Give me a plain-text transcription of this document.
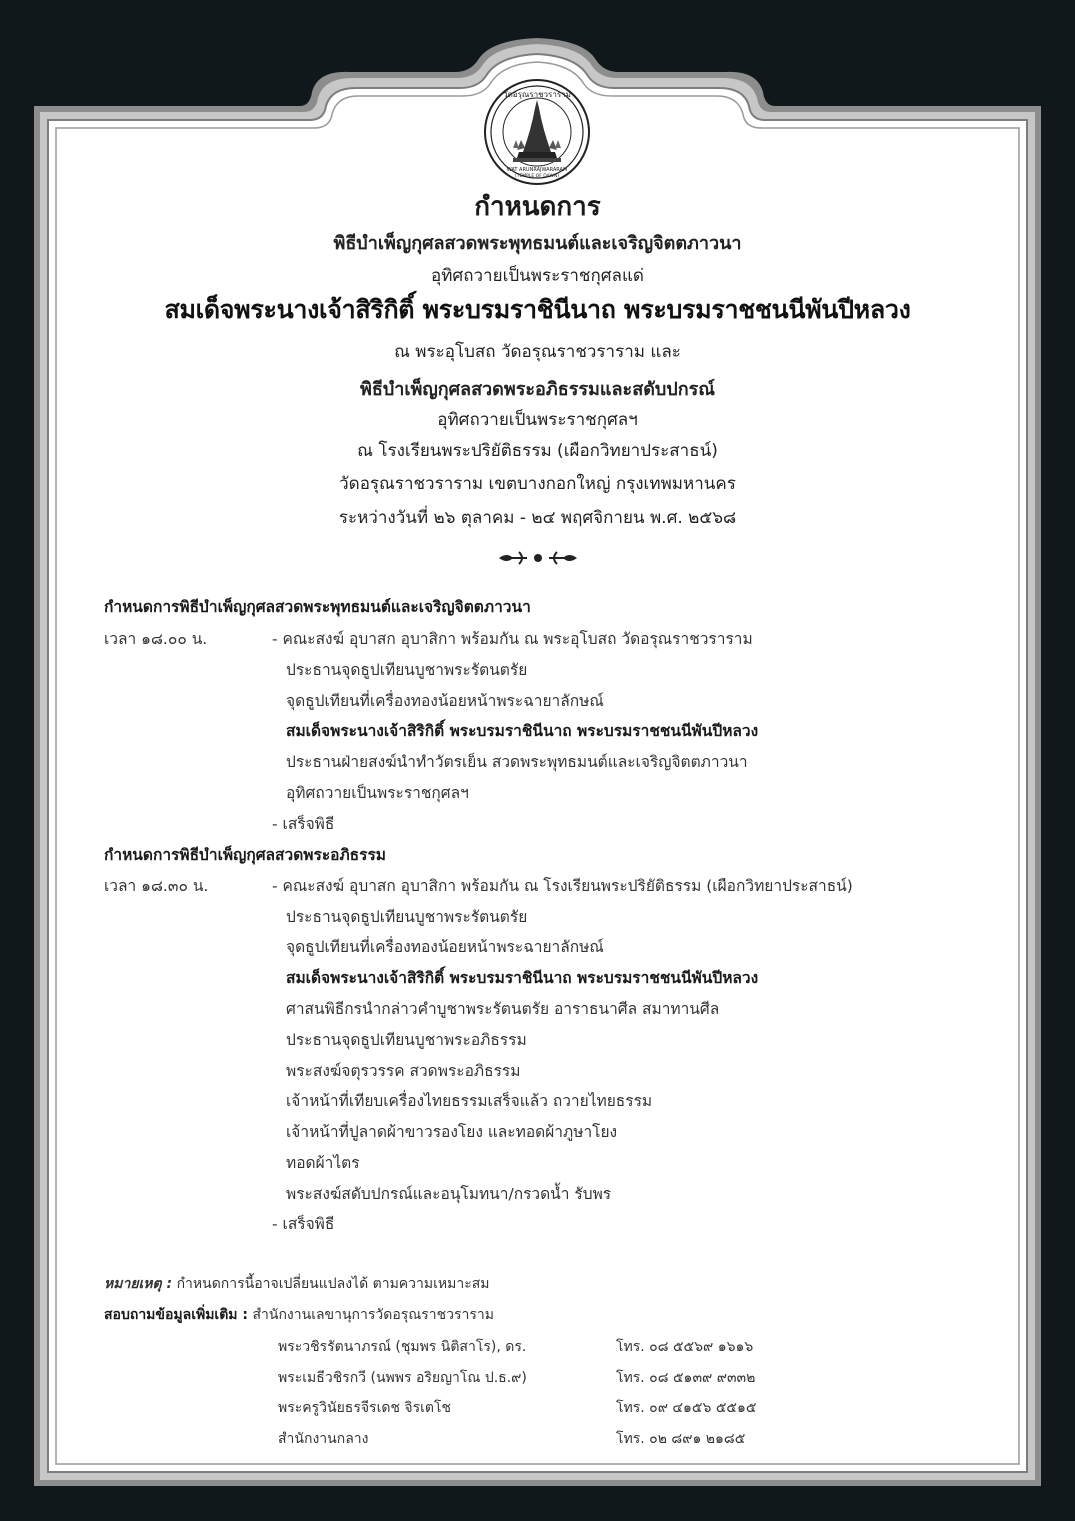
วัดอรุณราชวราราม
WAT ARUNRAJWARARAM
(TEMPLE OF DAWN)
กำหนดการ
พิธีบำเพ็ญกุศลสวดพระพุทธมนต์และเจริญจิตตภาวนา
อุทิศถวายเป็นพระราชกุศลแด่
สมเด็จพระนางเจ้าสิริกิติ์ พระบรมราชินีนาถ พระบรมราชชนนีพันปีหลวง
ณ พระอุโบสถ วัดอรุณราชวราราม และ
พิธีบำเพ็ญกุศลสวดพระอภิธรรมและสดับปกรณ์
อุทิศถวายเป็นพระราชกุศลฯ
ณ โรงเรียนพระปริยัติธรรม (เผือกวิทยาประสาธน์)
วัดอรุณราชวราราม เขตบางกอกใหญ่ กรุงเทพมหานคร
ระหว่างวันที่ ๒๖ ตุลาคม - ๒๔ พฤศจิกายน พ.ศ. ๒๕๖๘
กำหนดการพิธีบำเพ็ญกุศลสวดพระพุทธมนต์และเจริญจิตตภาวนา
เวลา ๑๘.๐๐ น.	- คณะสงฆ์ อุบาสก อุบาสิกา พร้อมกัน ณ พระอุโบสถ วัดอรุณราชวราราม
ประธานจุดธูปเทียนบูชาพระรัตนตรัย
จุดธูปเทียนที่เครื่องทองน้อยหน้าพระฉายาลักษณ์
สมเด็จพระนางเจ้าสิริกิติ์ พระบรมราชินีนาถ พระบรมราชชนนีพันปีหลวง
ประธานฝ่ายสงฆ์นำทำวัตรเย็น สวดพระพุทธมนต์และเจริญจิตตภาวนา
อุทิศถวายเป็นพระราชกุศลฯ
- เสร็จพิธี
กำหนดการพิธีบำเพ็ญกุศลสวดพระอภิธรรม
เวลา ๑๘.๓๐ น.	- คณะสงฆ์ อุบาสก อุบาสิกา พร้อมกัน ณ โรงเรียนพระปริยัติธรรม (เผือกวิทยาประสาธน์)
ประธานจุดธูปเทียนบูชาพระรัตนตรัย
จุดธูปเทียนที่เครื่องทองน้อยหน้าพระฉายาลักษณ์
สมเด็จพระนางเจ้าสิริกิติ์ พระบรมราชินีนาถ พระบรมราชชนนีพันปีหลวง
ศาสนพิธีกรนำกล่าวคำบูชาพระรัตนตรัย อาราธนาศีล สมาทานศีล
ประธานจุดธูปเทียนบูชาพระอภิธรรม
พระสงฆ์จตุรวรรค สวดพระอภิธรรม
เจ้าหน้าที่เทียบเครื่องไทยธรรมเสร็จแล้ว ถวายไทยธรรม
เจ้าหน้าที่ปูลาดผ้าขาวรองโยง และทอดผ้าภูษาโยง
ทอดผ้าไตร
พระสงฆ์สดับปกรณ์และอนุโมทนา/กรวดน้ำ รับพร
- เสร็จพิธี
หมายเหตุ : กำหนดการนี้อาจเปลี่ยนแปลงได้ ตามความเหมาะสม
สอบถามข้อมูลเพิ่มเติม : สำนักงานเลขานุการวัดอรุณราชวราราม
พระวชิรรัตนาภรณ์ (ชุมพร นิติสาโร), ดร.	โทร. ๐๘ ๕๕๖๙ ๑๖๑๖
พระเมธีวชิรกวี (นพพร อริยญาโณ ป.ธ.๙)	โทร. ๐๘ ๕๑๓๙ ๙๓๓๒
พระครูวินัยธรจีรเดช จิรเตโช	โทร. ๐๙ ๔๑๕๖ ๕๕๑๕
สำนักงานกลาง	โทร. ๐๒ ๘๙๑ ๒๑๘๕
